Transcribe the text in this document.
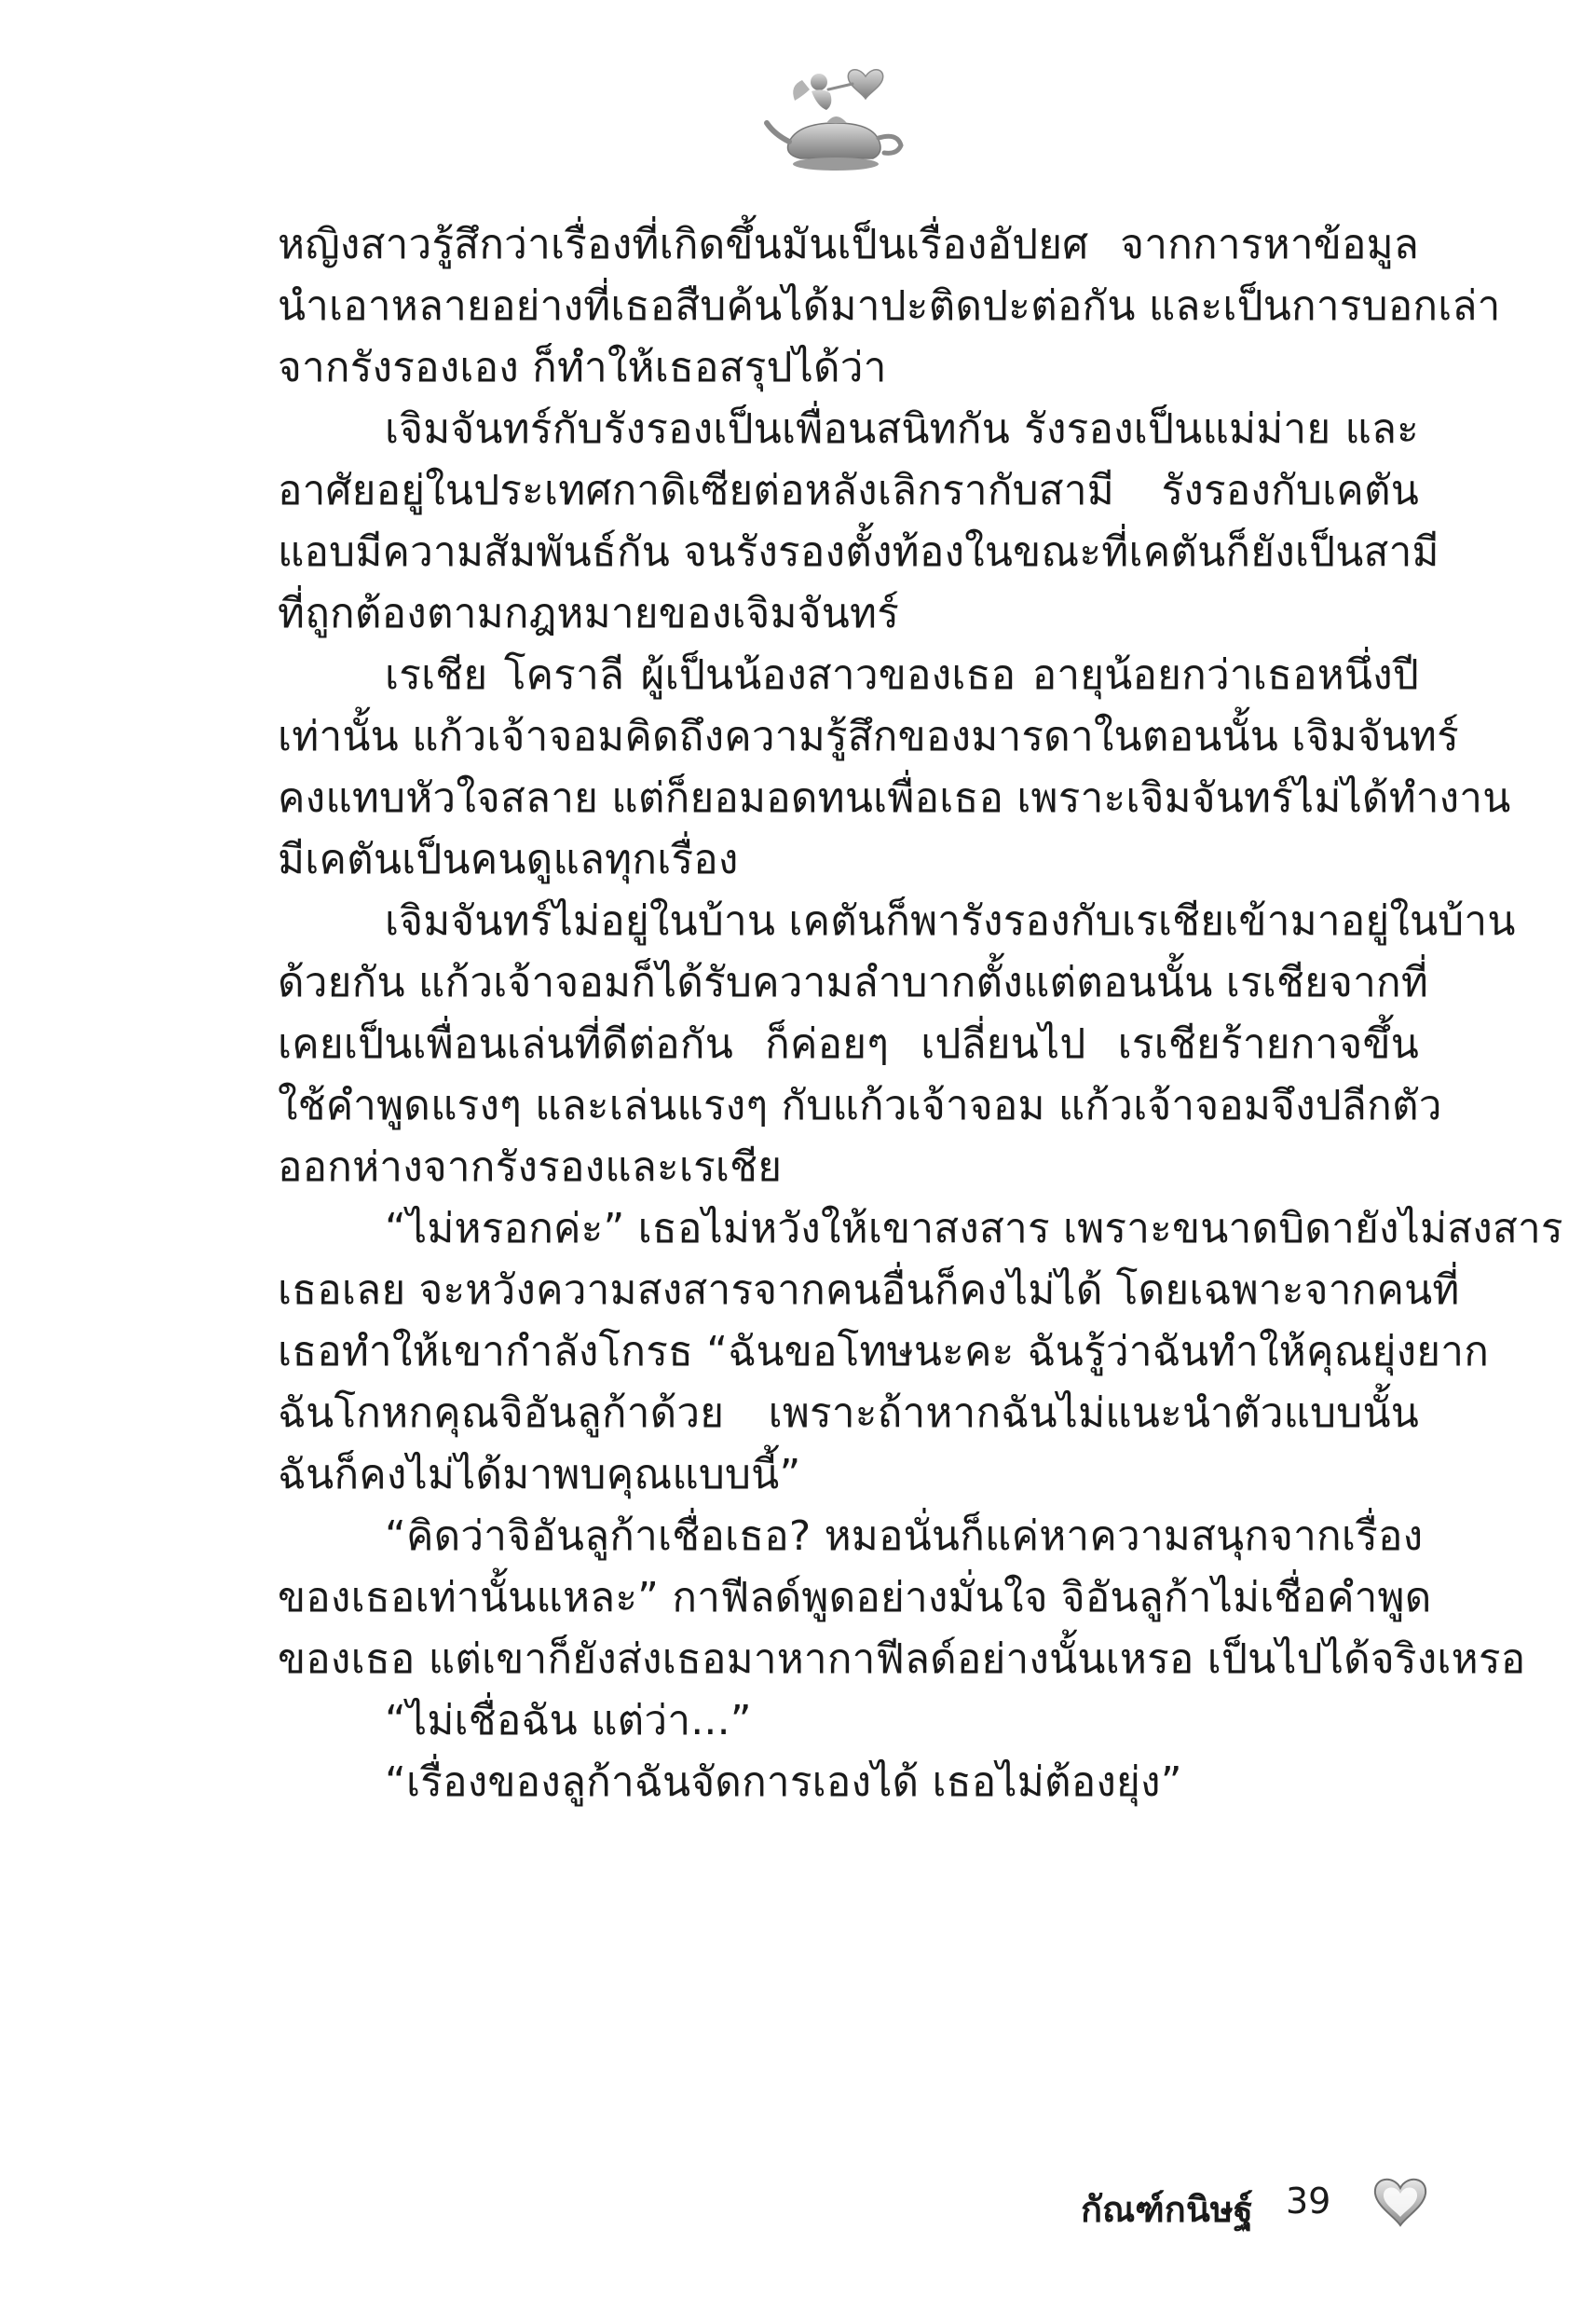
หญิงสาวรู้สึกว่าเรื่องที่เกิดขึ้นมันเป็นเรื่องอัปยศ จากการหาข้อมูล
นำเอาหลายอย่างที่เธอสืบค้นได้มาปะติดปะต่อกัน และเป็นการบอกเล่า
จากรังรองเอง ก็ทำให้เธอสรุปได้ว่า
เจิมจันทร์กับรังรองเป็นเพื่อนสนิทกัน รังรองเป็นแม่ม่าย และ
อาศัยอยู่ในประเทศกาดิเซียต่อหลังเลิกรากับสามี รังรองกับเคตัน
แอบมีความสัมพันธ์กัน จนรังรองตั้งท้องในขณะที่เคตันก็ยังเป็นสามี
ที่ถูกต้องตามกฎหมายของเจิมจันทร์
เรเชีย โคราลี ผู้เป็นน้องสาวของเธอ อายุน้อยกว่าเธอหนึ่งปี
เท่านั้น แก้วเจ้าจอมคิดถึงความรู้สึกของมารดาในตอนนั้น เจิมจันทร์
คงแทบหัวใจสลาย แต่ก็ยอมอดทนเพื่อเธอ เพราะเจิมจันทร์ไม่ได้ทำงาน
มีเคตันเป็นคนดูแลทุกเรื่อง
เจิมจันทร์ไม่อยู่ในบ้าน เคตันก็พารังรองกับเรเชียเข้ามาอยู่ในบ้าน
ด้วยกัน แก้วเจ้าจอมก็ได้รับความลำบากตั้งแต่ตอนนั้น เรเชียจากที่
เคยเป็นเพื่อนเล่นที่ดีต่อกัน ก็ค่อยๆ เปลี่ยนไป เรเชียร้ายกาจขึ้น
ใช้คำพูดแรงๆ และเล่นแรงๆ กับแก้วเจ้าจอม แก้วเจ้าจอมจึงปลีกตัว
ออกห่างจากรังรองและเรเชีย
“ไม่หรอกค่ะ” เธอไม่หวังให้เขาสงสาร เพราะขนาดบิดายังไม่สงสาร
เธอเลย จะหวังความสงสารจากคนอื่นก็คงไม่ได้ โดยเฉพาะจากคนที่
เธอทำให้เขากำลังโกรธ “ฉันขอโทษนะคะ ฉันรู้ว่าฉันทำให้คุณยุ่งยาก
ฉันโกหกคุณจิอันลูก้าด้วย เพราะถ้าหากฉันไม่แนะนำตัวแบบนั้น
ฉันก็คงไม่ได้มาพบคุณแบบนี้”
“คิดว่าจิอันลูก้าเชื่อเธอ? หมอนั่นก็แค่หาความสนุกจากเรื่อง
ของเธอเท่านั้นแหละ” กาฟีลด์พูดอย่างมั่นใจ จิอันลูก้าไม่เชื่อคำพูด
ของเธอ แต่เขาก็ยังส่งเธอมาหากาฟีลด์อย่างนั้นเหรอ เป็นไปได้จริงเหรอ
“ไม่เชื่อฉัน แต่ว่า...”
“เรื่องของลูก้าฉันจัดการเองได้ เธอไม่ต้องยุ่ง”
กัณฑ์กนิษฐ์ 39
